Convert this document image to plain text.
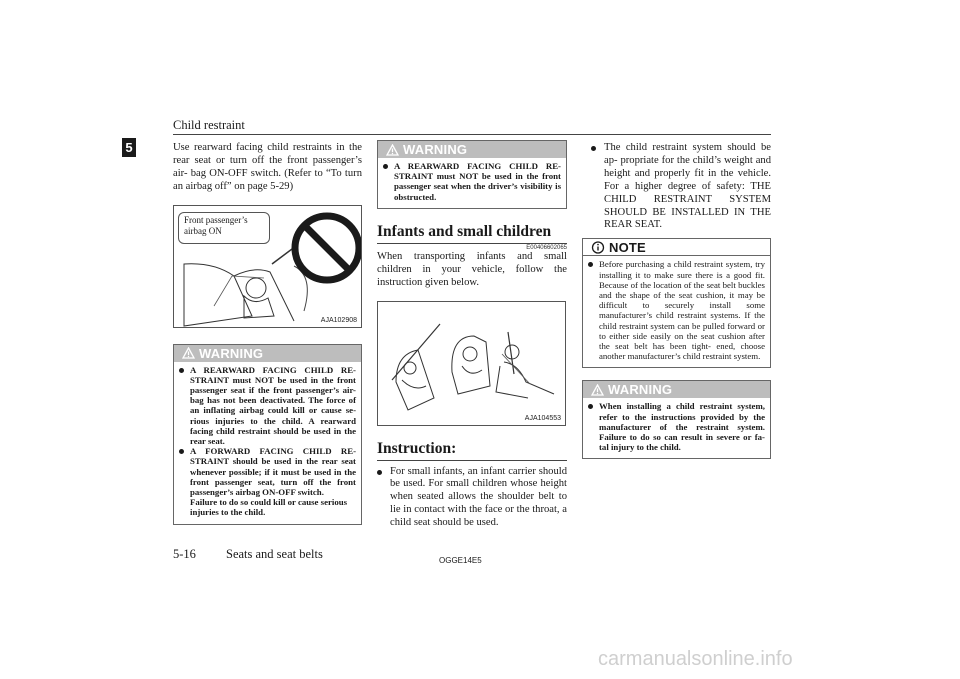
Child restraint
5	Use rearward facing child restraints in the rear seat or turn off the front passenger’s air- bag ON-OFF switch. (Refer to “To turn an airbag off” on page 5-29)

Front passenger’s airbag ON
AJA102908
WARNING
A REARWARD FACING CHILD RE- STRAINT must NOT be used in the front passenger seat if the front passenger’s air- bag has not been deactivated. The force of an inflating airbag could kill or cause se- rious injuries to the child. A rearward facing child restraint should be used in the rear seat.
A FORWARD FACING CHILD RE- STRAINT should be used in the rear seat whenever possible; if it must be used in the front passenger seat, turn off the front passenger’s airbag ON-OFF switch.
Failure to do so could kill or cause serious injuries to the child.
WARNING
A REARWARD FACING CHILD RE- STRAINT must NOT be used in the front passenger seat when the driver’s visibility is obstructed.
Infants and small children
E00406602065

When transporting infants and small children in your vehicle, follow the instruction given below.

AJA104553
Instruction:
For small infants, an infant carrier should be used. For small children whose height when seated allows the shoulder belt to lie in contact with the face or the throat, a child seat should be used.
The child restraint system should be ap- propriate for the child’s weight and height and properly fit in the vehicle. For a higher degree of safety: THE CHILD RESTRAINT SYSTEM SHOULD BE INSTALLED IN THE REAR SEAT.
NOTE
Before purchasing a child restraint system, try installing it to make sure there is a good fit. Because of the location of the seat belt buckles and the shape of the seat cushion, it may be difficult to securely install some manufacturer’s child restraint systems. If the child restraint system can be pulled forward or to either side easily on the seat cushion after the seat belt has been tight- ened, choose another manufacturer’s child restraint system.
WARNING
When installing a child restraint system, refer to the instructions provided by the manufacturer of the restraint system. Failure to do so can result in severe or fa- tal injury to the child.
5-16 Seats and seat belts	OGGE14E5
carmanualsonline.info
